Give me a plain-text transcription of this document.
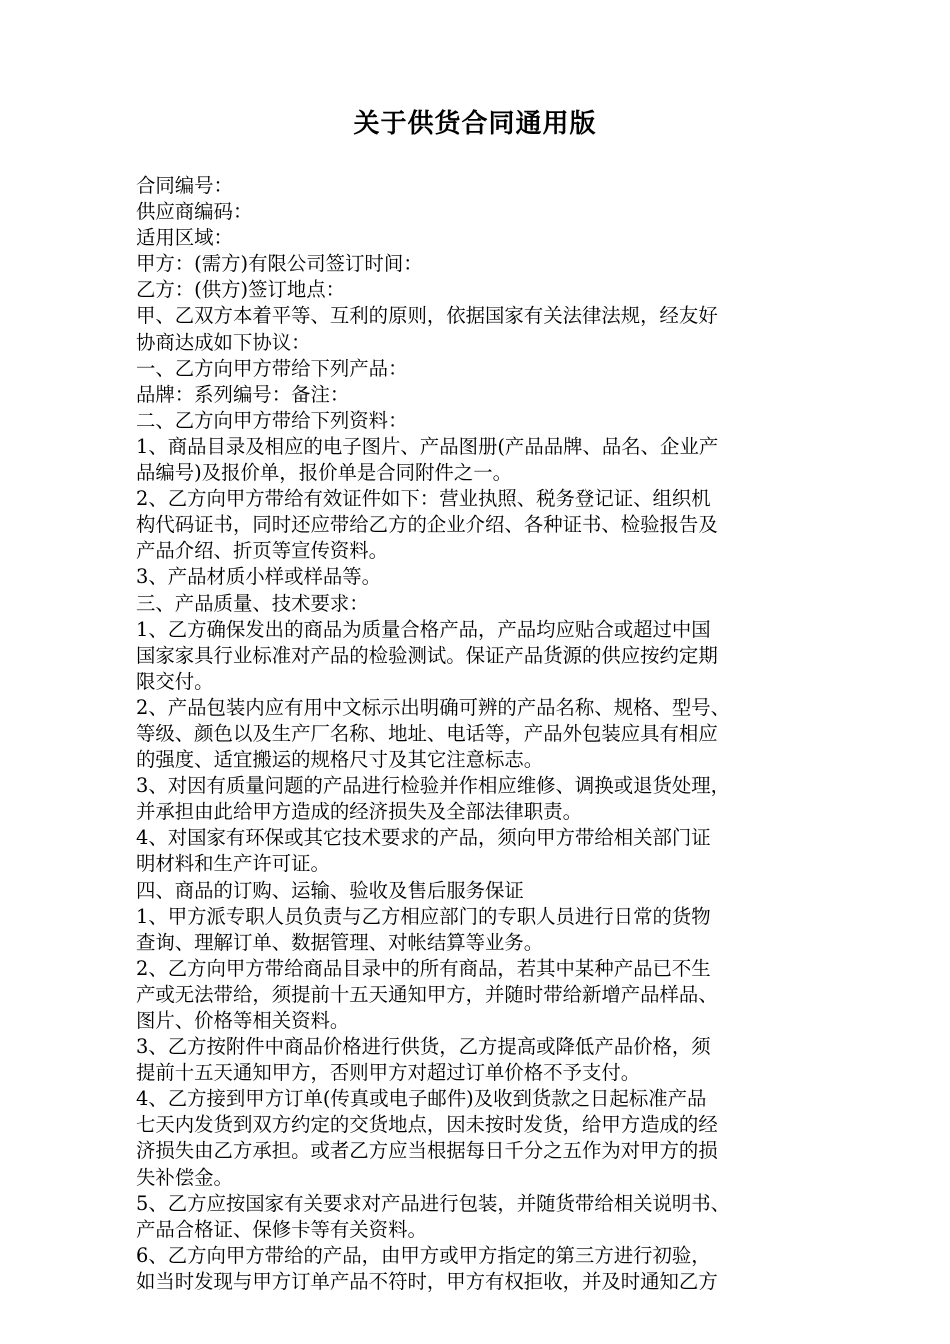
关于供货合同通用版
合同编号：
供应商编码：
适用区域：
甲方：(需方)有限公司签订时间：
乙方：(供方)签订地点：
甲、乙双方本着平等、互利的原则，依据国家有关法律法规，经友好
协商达成如下协议：
一、乙方向甲方带给下列产品：
品牌：系列编号：备注：
二、乙方向甲方带给下列资料：
1、商品目录及相应的电子图片、产品图册(产品品牌、品名、企业产
品编号)及报价单，报价单是合同附件之一。
2、乙方向甲方带给有效证件如下：营业执照、税务登记证、组织机
构代码证书，同时还应带给乙方的企业介绍、各种证书、检验报告及
产品介绍、折页等宣传资料。
3、产品材质小样或样品等。
三、产品质量、技术要求：
1、乙方确保发出的商品为质量合格产品，产品均应贴合或超过中国
国家家具行业标准对产品的检验测试。保证产品货源的供应按约定期
限交付。
2、产品包装内应有用中文标示出明确可辨的产品名称、规格、型号、
等级、颜色以及生产厂名称、地址、电话等，产品外包装应具有相应
的强度、适宜搬运的规格尺寸及其它注意标志。
3、对因有质量问题的产品进行检验并作相应维修、调换或退货处理，
并承担由此给甲方造成的经济损失及全部法律职责。
4、对国家有环保或其它技术要求的产品，须向甲方带给相关部门证
明材料和生产许可证。
四、商品的订购、运输、验收及售后服务保证
1、甲方派专职人员负责与乙方相应部门的专职人员进行日常的货物
查询、理解订单、数据管理、对帐结算等业务。
2、乙方向甲方带给商品目录中的所有商品，若其中某种产品已不生
产或无法带给，须提前十五天通知甲方，并随时带给新增产品样品、
图片、价格等相关资料。
3、乙方按附件中商品价格进行供货，乙方提高或降低产品价格，须
提前十五天通知甲方，否则甲方对超过订单价格不予支付。
4、乙方接到甲方订单(传真或电子邮件)及收到货款之日起标准产品
七天内发货到双方约定的交货地点，因未按时发货，给甲方造成的经
济损失由乙方承担。或者乙方应当根据每日千分之五作为对甲方的损
失补偿金。
5、乙方应按国家有关要求对产品进行包装，并随货带给相关说明书、
产品合格证、保修卡等有关资料。
6、乙方向甲方带给的产品，由甲方或甲方指定的第三方进行初验，
如当时发现与甲方订单产品不符时，甲方有权拒收，并及时通知乙方
